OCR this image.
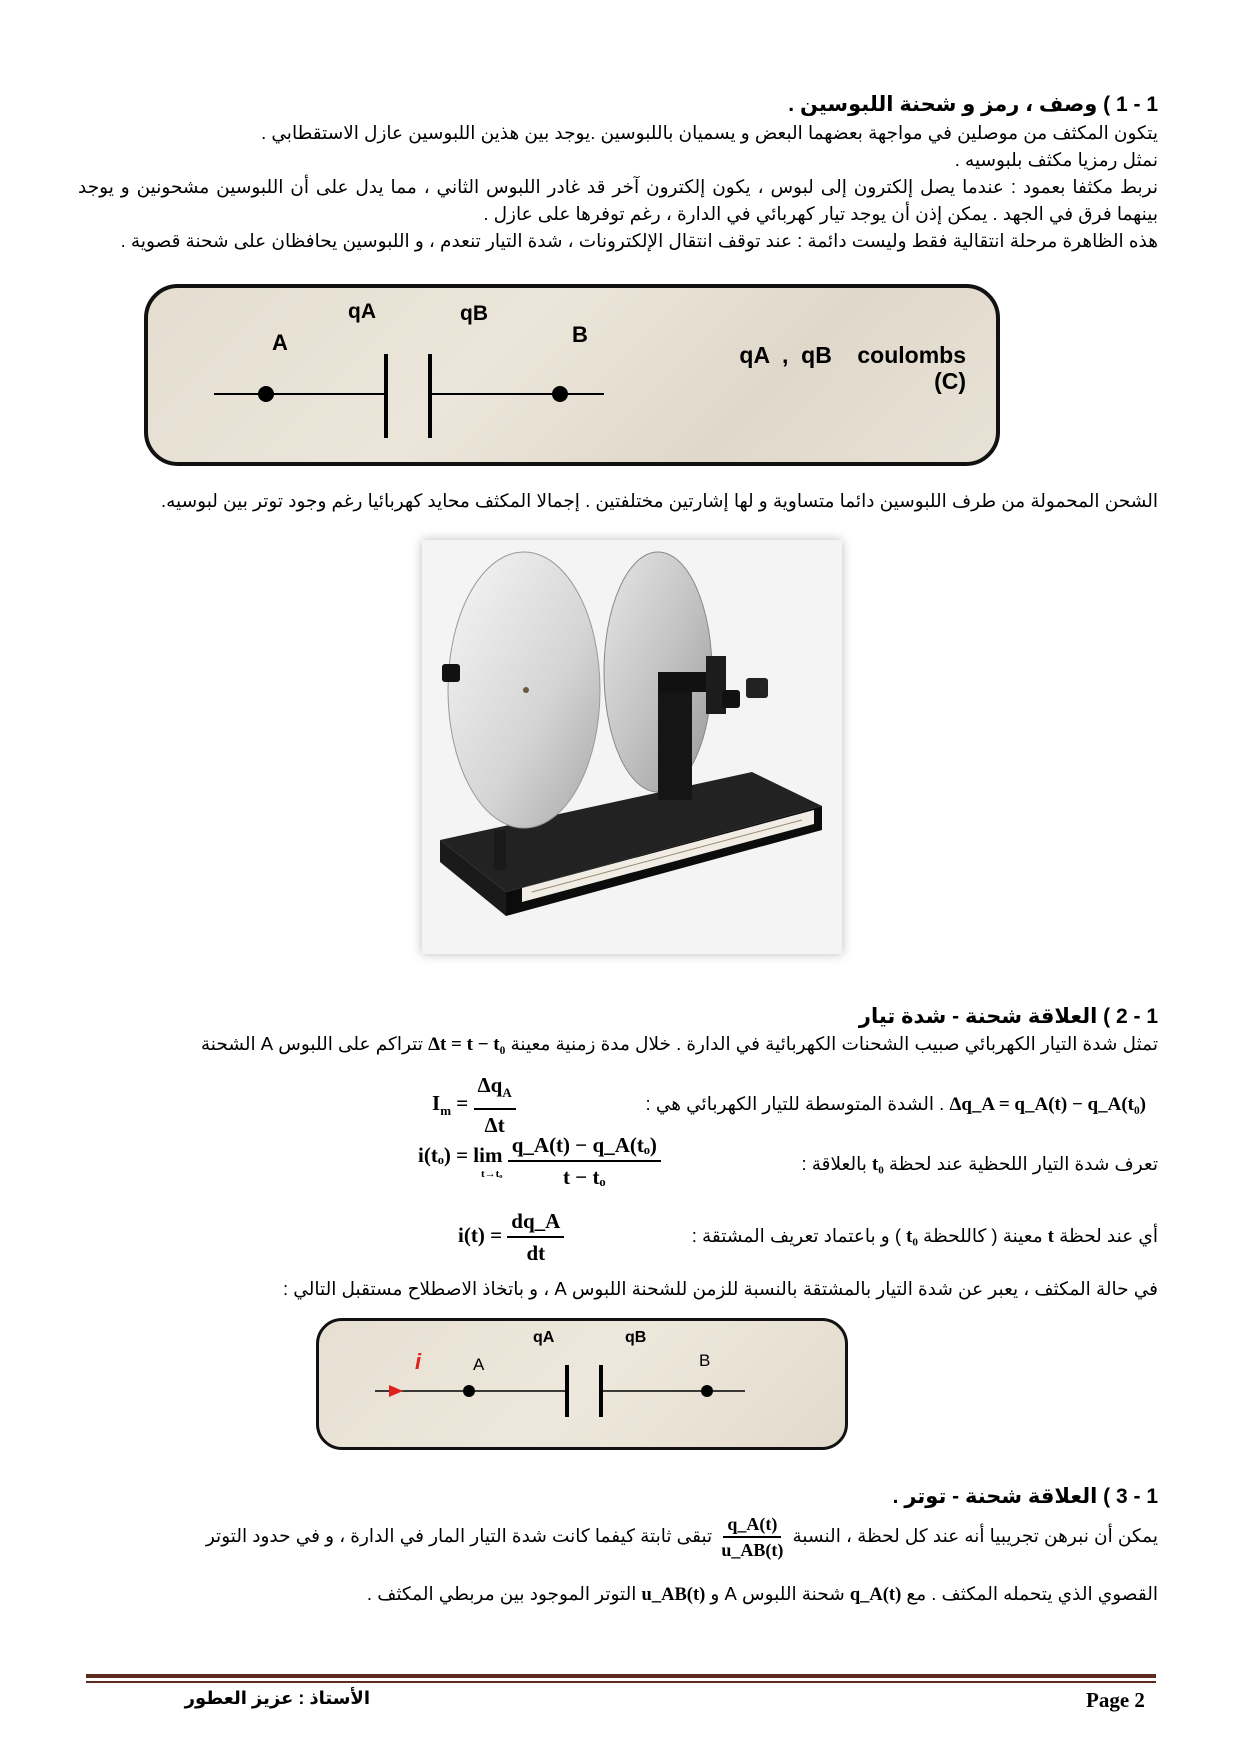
1 - 1 ) وصف ، رمز و شحنة اللبوسين .
يتكون المكثف من موصلين في مواجهة بعضهما البعض و يسميان باللبوسين .يوجد بين هذين اللبوسين عازل الاستقطابي .
نمثل رمزيا مكثف بلبوسيه .
نربط مكثفا بعمود : عندما يصل إلكترون إلى لبوس ، يكون إلكترون آخر قد غادر اللبوس الثاني ، مما يدل على أن اللبوسين مشحونين و يوجد بينهما فرق في الجهد . يمكن إذن أن يوجد تيار كهربائي في الدارة ، رغم توفرها على عازل .
هذه الظاهرة مرحلة انتقالية فقط وليست دائمة : عند توقف انتقال الإلكترونات ، شدة التيار تنعدم ، و اللبوسين يحافظان على شحنة قصوية .
qA	qB
A	B
qA  ,  qB    coulombs
(C)
الشحن المحمولة من طرف اللبوسين دائما متساوية و لها إشارتين مختلفتين . إجمالا المكثف محايد كهربائيا رغم وجود توتر بين لبوسيه.
1 - 2 ) العلاقة شحنة - شدة تيار
تمثل شدة التيار الكهربائي صبيب الشحنات الكهربائية في الدارة . خلال مدة زمنية معينة Δt = t − t₀ تتراكم على اللبوس A الشحنة
Δq_A = q_A(t) − q_A(t₀) . الشدة المتوسطة للتيار الكهربائي هي :
$I_m = \frac{\Delta q_A}{\Delta t}$
تعرف شدة التيار اللحظية عند لحظة t₀ بالعلاقة :
i(tₒ) = lim
t→tₒ
$\frac{\text{q\_A(t) − q\_A(tₒ)}}{\text{t − tₒ}}$
أي عند لحظة t معينة ( كاللحظة t₀ ) و باعتماد تعريف المشتقة :
$i(t) = \frac{dq\_A}{dt}$
في حالة المكثف ، يعبر عن شدة التيار بالمشتقة بالنسبة للزمن للشحنة اللبوس A ، و باتخاذ الاصطلاح مستقبل التالي :
i	A	B
qA	qB
1 - 3 ) العلاقة شحنة - توتر .
يمكن أن نبرهن تجريبيا أنه عند كل لحظة ، النسبة
$\frac{q\_A(t)}{u\_AB(t)}$
تبقى ثابتة كيفما كانت شدة التيار المار في الدارة ، و في حدود التوتر
القصوي الذي يتحمله المكثف . مع q_A(t) شحنة اللبوس A و u_AB(t) التوتر الموجود بين مربطي المكثف .
Page 2
الأستاذ : عزيز العطور
